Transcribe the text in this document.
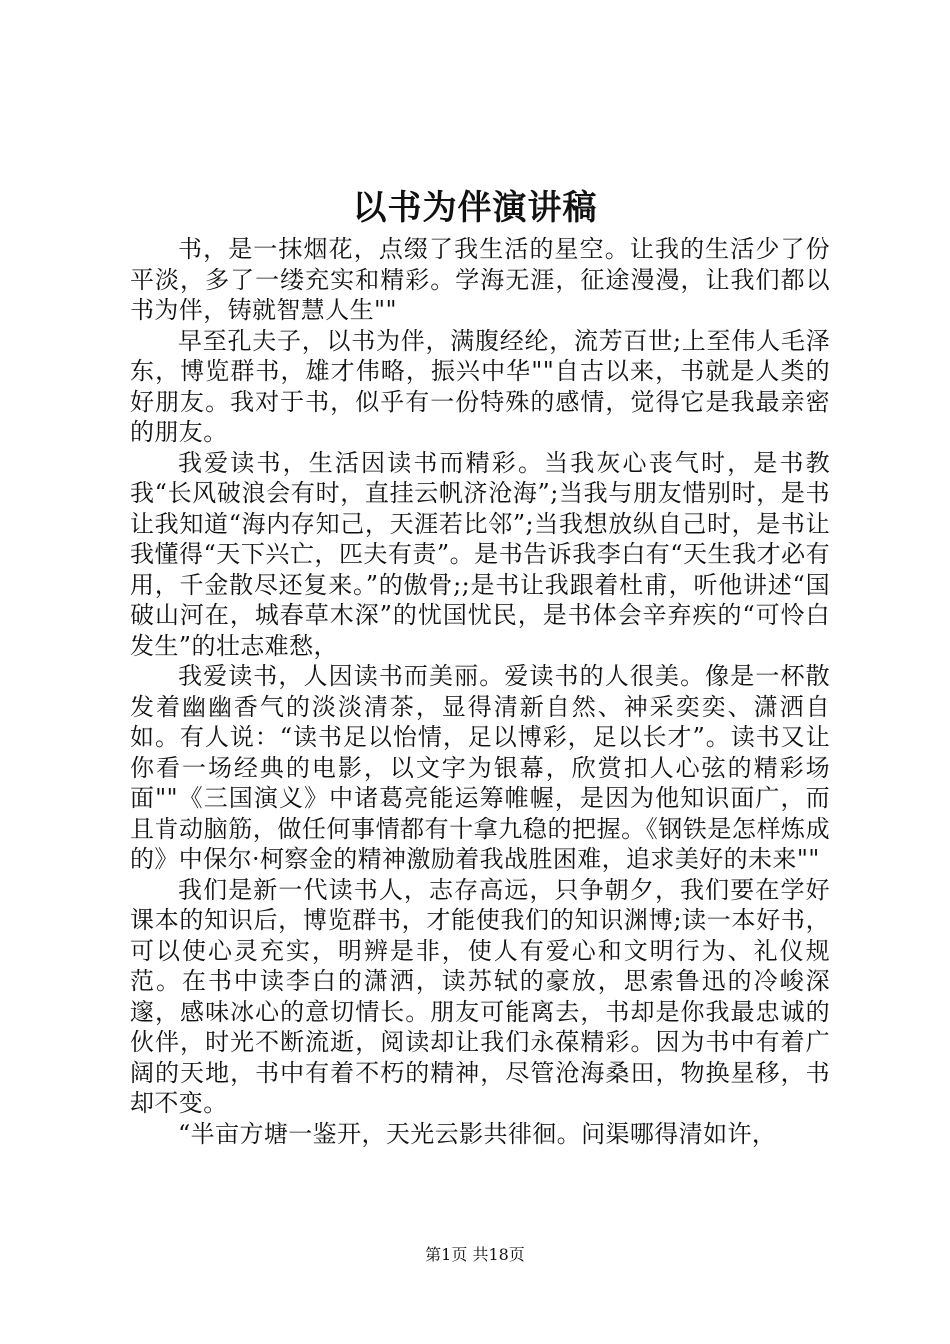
以书为伴演讲稿

书，是一抹烟花，点缀了我生活的星空。让我的生活少了份平淡，多了一缕充实和精彩。学海无涯，征途漫漫，让我们都以书为伴，铸就智慧人生""

早至孔夫子，以书为伴，满腹经纶，流芳百世;上至伟人毛泽东，博览群书，雄才伟略，振兴中华""自古以来，书就是人类的好朋友。我对于书，似乎有一份特殊的感情，觉得它是我最亲密的朋友。

我爱读书，生活因读书而精彩。当我灰心丧气时，是书教我“长风破浪会有时，直挂云帆济沧海”;当我与朋友惜别时，是书让我知道“海内存知己，天涯若比邻”;当我想放纵自己时，是书让我懂得“天下兴亡，匹夫有责”。是书告诉我李白有“天生我才必有用，千金散尽还复来。”的傲骨;;是书让我跟着杜甫，听他讲述“国破山河在，城春草木深”的忧国忧民，是书体会辛弃疾的“可怜白发生”的壮志难愁，

我爱读书，人因读书而美丽。爱读书的人很美。像是一杯散发着幽幽香气的淡淡清茶，显得清新自然、神采奕奕、潇洒自如。有人说：“读书足以怡情，足以博彩，足以长才”。读书又让你看一场经典的电影，以文字为银幕，欣赏扣人心弦的精彩场面""《三国演义》中诸葛亮能运筹帷幄，是因为他知识面广，而且肯动脑筋，做任何事情都有十拿九稳的把握。《钢铁是怎样炼成的》中保尔·柯察金的精神激励着我战胜困难，追求美好的未来""

我们是新一代读书人，志存高远，只争朝夕，我们要在学好课本的知识后，博览群书，才能使我们的知识渊博;读一本好书，可以使心灵充实，明辨是非，使人有爱心和文明行为、礼仪规范。在书中读李白的潇洒，读苏轼的豪放，思索鲁迅的冷峻深邃，感味冰心的意切情长。朋友可能离去，书却是你我最忠诚的伙伴，时光不断流逝，阅读却让我们永葆精彩。因为书中有着广阔的天地，书中有着不朽的精神，尽管沧海桑田，物换星移，书却不变。

“半亩方塘一鉴开，天光云影共徘徊。问渠哪得清如许，

第1页 共18页
